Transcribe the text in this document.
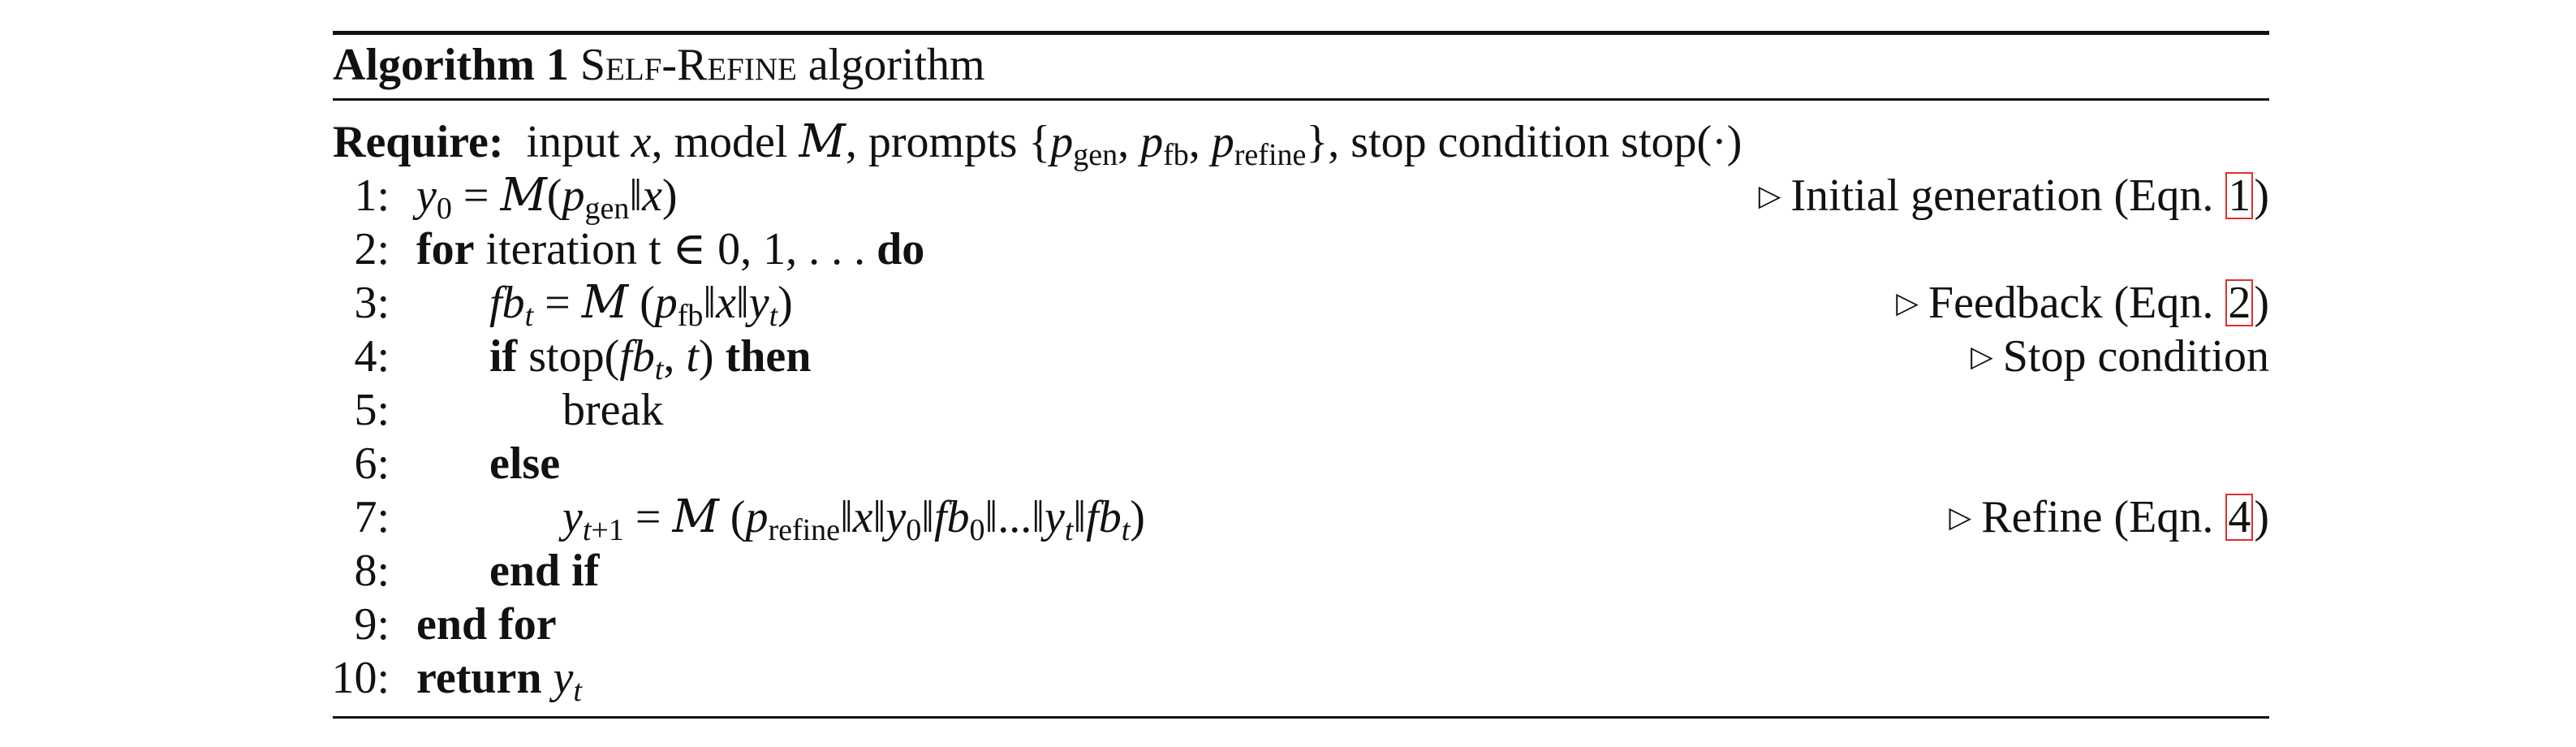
Algorithm 1 Self-Refine algorithm
Require: input x, model M, prompts {$p_{gen}$, $p_{fb}$, $p_{refine}$}, stop condition stop(·)
1: $y_0$ = $M(p_{gen}‖x)$	▷ Initial generation (Eqn. 1)
2: for iteration t ∈ 0, 1, . . . do
3: $fb_t = M$ $(p_{fb}‖x‖y_t)$	▷ Feedback (Eqn. 2)
4: if $stop(fb_t$, t) then	▷ Stop condition
5:	break
6: else
7:	$y_{t+1} = M$ $(p_{refine}‖x‖y_0‖fb_0‖...‖y_t‖fb_t)$	▷ Refine (Eqn. 4)
8: end if
9: end for
10: return $y_t$
